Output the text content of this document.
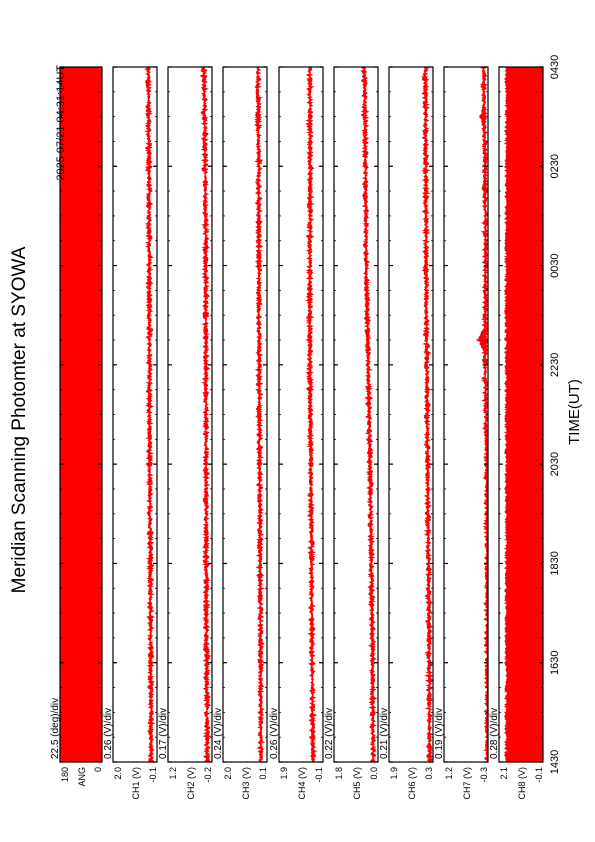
Meridian Scanning Photomter at SYOWA	TIME(UT)
22.5 (deg)/div
180 ANG 0
0.26 (V)/div
2.0 CH1 (V) -0.1
0.17 (V)/div
1.2 CH2 (V) -0.2
0.24 (V)/div
2.0 CH3 (V) 0.1
0.26 (V)/div
1.9 CH4 (V) -0.1
0.22 (V)/div
1.8 CH5 (V) 0.0
0.21 (V)/div
1.9 CH6 (V) 0.3
0.19 (V)/div
1.2 CH7 (V) -0.3
0.28 (V)/div
2.1 CH8 (V) -0.1
1430
1630
1830
2030
2230
0030
0230
0430
2025 07/21 04:31:14UT
